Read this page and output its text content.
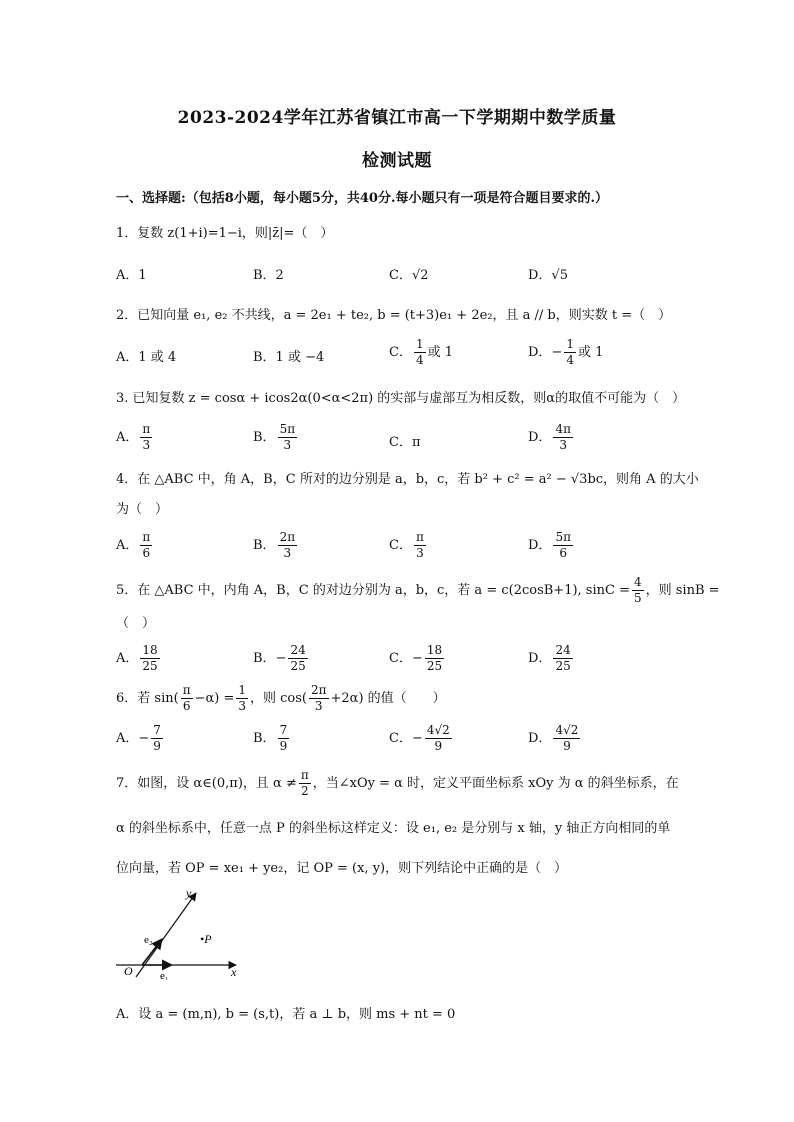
2023-2024学年江苏省镇江市高一下学期期中数学质量
检测试题
一、选择题:（包括8小题，每小题5分，共40分.每小题只有一项是符合题目要求的.）
1．复数 z(1+i)=1−i，则|z̄|=（　）
A．1	B．2	C．√2	D．√5
2．已知向量 e₁, e₂ 不共线，a = 2e₁ + te₂, b = (t+3)e₁ + 2e₂，且 a // b，则实数 t =（　）
A．1 或 4	B．1 或 −4	C． $\frac{1}{4}$ 或 1	D．− $\frac{1}{4}$ 或 1
3. 已知复数 z = cosα + icos2α(0<α<2π) 的实部与虚部互为相反数，则α的取值不可能为（　）
A． $\frac{\pi}{3}$	B． $\frac{5\pi}{3}$	C．π	D． $\frac{4\pi}{3}$
4．在 △ABC 中，角 A，B，C 所对的边分别是 a，b，c，若 b² + c² = a² − √3bc，则角 A 的大小
为（　）
A． $\frac{\pi}{6}$	B． $\frac{2\pi}{3}$	C． $\frac{\pi}{3}$	D． $\frac{5\pi}{6}$
5．在 △ABC 中，内角 A，B，C 的对边分别为 a，b，c，若 a = c(2cosB+1), $\sin C = \frac{4}{5}$ ，则 sinB =
（　）
A． $\frac{18}{25}$	B．− $\frac{24}{25}$	C．− $\frac{18}{25}$	D． $\frac{24}{25}$
6．若 $\sin( \frac{\pi}{6} -\alpha) = \frac{1}{3}$ ，则 $\cos( \frac{2\pi}{3} +2\alpha)$ 的值（　　）
A．− $\frac{7}{9}$	B． $\frac{7}{9}$	C．− $\frac{4√2}{9}$	D． $\frac{4√2}{9}$
7．如图，设 α∈(0,π)，且 $\alpha \ne \frac{\pi}{2}$ ，当∠xOy = α 时，定义平面坐标系 xOy 为 α 的斜坐标系，在
α 的斜坐标系中，任意一点 P 的斜坐标这样定义：设 e₁, e₂ 是分别与 x 轴，y 轴正方向相同的单
位向量，若 OP = xe₁ + ye₂，记 OP = (x, y)，则下列结论中正确的是（　）
y
x
O
•P
e₁
e₂
A．设 a = (m,n), b = (s,t)，若 a ⊥ b，则 ms + nt = 0
